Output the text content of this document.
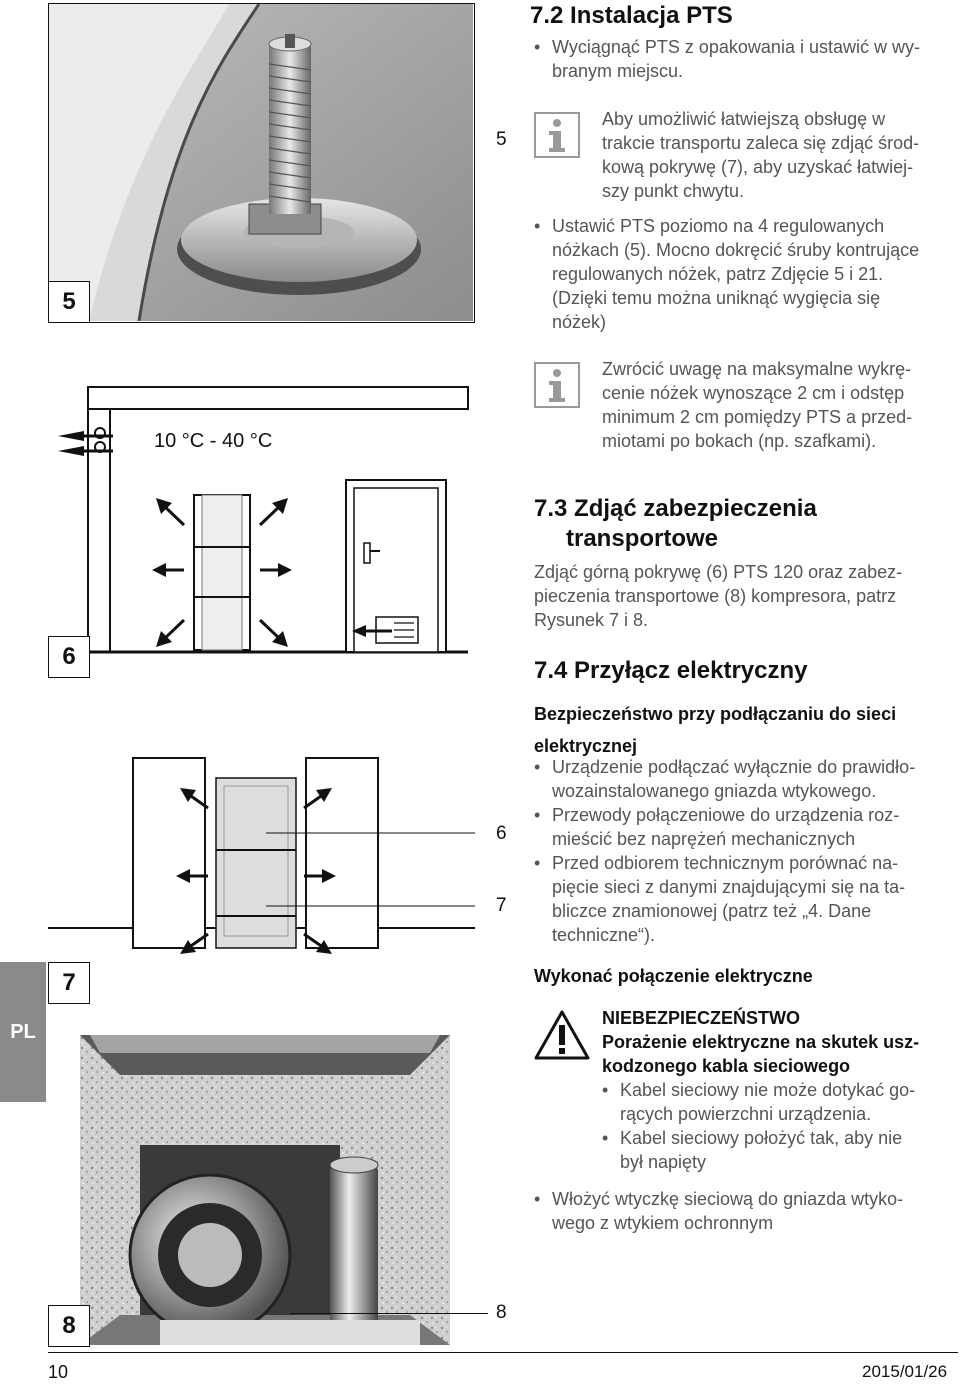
5
5
10 °C - 40 °C
6
6
7
7
8	8
PL
7.2 Instalacja PTS
• Wyciągnąć PTS z opakowania i ustawić w wy-
branym miejscu.
Aby umożliwić łatwiejszą obsługę w
trakcie transportu zaleca się zdjąć środ-
kową pokrywę (7), aby uzyskać łatwiej-
szy punkt chwytu.
• Ustawić PTS poziomo na 4 regulowanych
nóżkach (5). Mocno dokręcić śruby kontrujące
regulowanych nóżek, patrz Zdjęcie 5 i 21.
(Dzięki temu można uniknąć wygięcia się
nóżek)
Zwrócić uwagę na maksymalne wykrę-
cenie nóżek wynoszące 2 cm i odstęp
minimum 2 cm pomiędzy PTS a przed-
miotami po bokach (np. szafkami).
7.3 Zdjąć zabezpieczenia
transportowe
Zdjąć górną pokrywę (6) PTS 120 oraz zabez-
pieczenia transportowe (8) kompresora, patrz
Rysunek 7 i 8.
7.4 Przyłącz elektryczny
Bezpieczeństwo przy podłączaniu do sieci
elektrycznej
• Urządzenie podłączać wyłącznie do prawidło-
wozainstalowanego gniazda wtykowego.
• Przewody połączeniowe do urządzenia roz-
mieścić bez naprężeń mechanicznych
• Przed odbiorem technicznym porównać na-
pięcie sieci z danymi znajdującymi się na ta-
bliczce znamionowej (patrz też „4. Dane
techniczne“).
Wykonać połączenie elektryczne
NIEBEZPIECZEŃSTWO
Porażenie elektryczne na skutek usz-
kodzonego kabla sieciowego
• Kabel sieciowy nie może dotykać go-
rących powierzchni urządzenia.
• Kabel sieciowy położyć tak, aby nie
był napięty
• Włożyć wtyczkę sieciową do gniazda wtyko-
wego z wtykiem ochronnym
10	2015/01/26
